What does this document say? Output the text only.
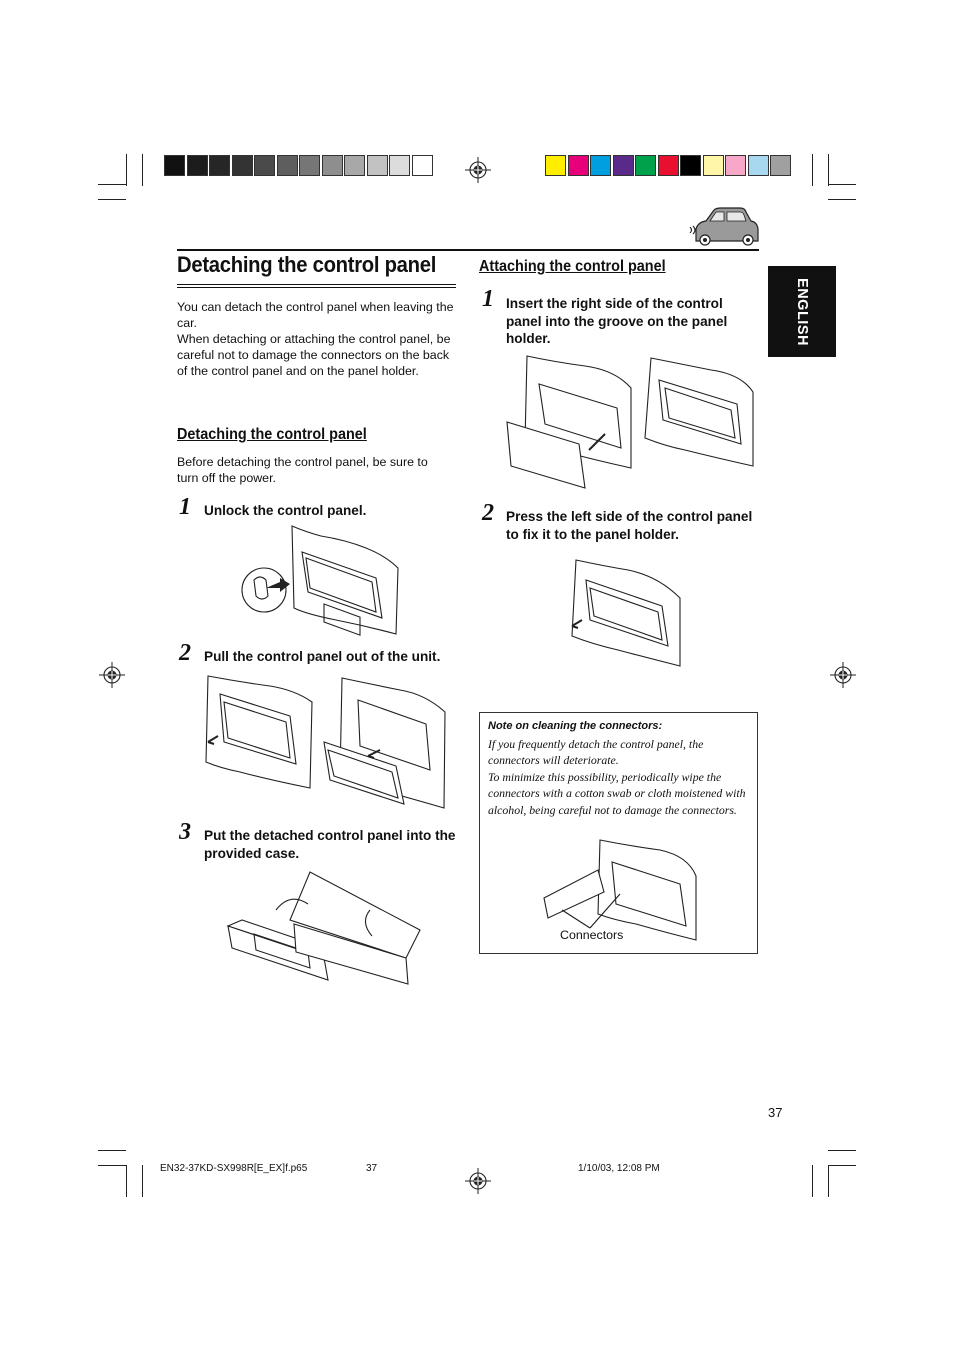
Detaching the control panel
ENGLISH
You can detach the control panel when leaving the car.
When detaching or attaching the control panel, be careful not to damage the connectors on the back of the control panel and on the panel holder.
Detaching the control panel
Before detaching the control panel, be sure to turn off the power.
1 Unlock the control panel.
2 Pull the control panel out of the unit.
3 Put the detached control panel into the provided case.
Attaching the control panel
1 Insert the right side of the control panel into the groove on the panel holder.
2 Press the left side of the control panel to fix it to the panel holder.
Note on cleaning the connectors:
If you frequently detach the control panel, the connectors will deteriorate.
To minimize this possibility, periodically wipe the connectors with a cotton swab or cloth moistened with alcohol, being careful not to damage the connectors.
Connectors
37
EN32-37KD-SX998R[E_EX]f.p65	37	1/10/03, 12:08 PM
